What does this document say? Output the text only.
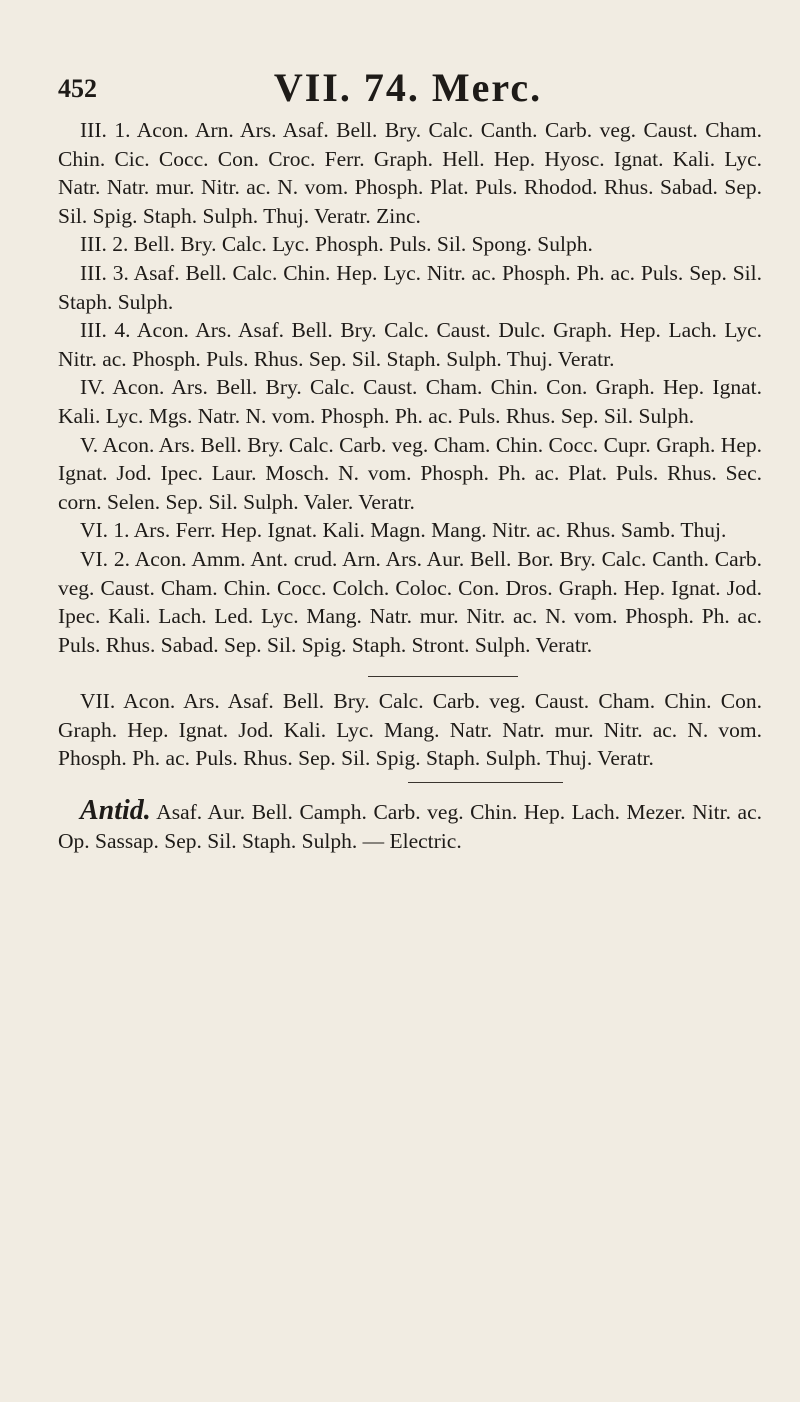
452	VII. 74. Merc.

III. 1. Acon. Arn. Ars. Asaf. Bell. Bry. Calc. Canth. Carb. veg. Caust. Cham. Chin. Cic. Cocc. Con. Croc. Ferr. Graph. Hell. Hep. Hyosc. Ignat. Kali. Lyc. Natr. Natr. mur. Nitr. ac. N. vom. Phosph. Plat. Puls. Rhodod. Rhus. Sabad. Sep. Sil. Spig. Staph. Sulph. Thuj. Veratr. Zinc.

III. 2. Bell. Bry. Calc. Lyc. Phosph. Puls. Sil. Spong. Sulph.

III. 3. Asaf. Bell. Calc. Chin. Hep. Lyc. Nitr. ac. Phosph. Ph. ac. Puls. Sep. Sil. Staph. Sulph.

III. 4. Acon. Ars. Asaf. Bell. Bry. Calc. Caust. Dulc. Graph. Hep. Lach. Lyc. Nitr. ac. Phosph. Puls. Rhus. Sep. Sil. Staph. Sulph. Thuj. Veratr.

IV. Acon. Ars. Bell. Bry. Calc. Caust. Cham. Chin. Con. Graph. Hep. Ignat. Kali. Lyc. Mgs. Natr. N. vom. Phosph. Ph. ac. Puls. Rhus. Sep. Sil. Sulph.

V. Acon. Ars. Bell. Bry. Calc. Carb. veg. Cham. Chin. Cocc. Cupr. Graph. Hep. Ignat. Jod. Ipec. Laur. Mosch. N. vom. Phosph. Ph. ac. Plat. Puls. Rhus. Sec. corn. Selen. Sep. Sil. Sulph. Valer. Veratr.

VI. 1. Ars. Ferr. Hep. Ignat. Kali. Magn. Mang. Nitr. ac. Rhus. Samb. Thuj.

VI. 2. Acon. Amm. Ant. crud. Arn. Ars. Aur. Bell. Bor. Bry. Calc. Canth. Carb. veg. Caust. Cham. Chin. Cocc. Colch. Coloc. Con. Dros. Graph. Hep. Ignat. Jod. Ipec. Kali. Lach. Led. Lyc. Mang. Natr. mur. Nitr. ac. N. vom. Phosph. Ph. ac. Puls. Rhus. Sabad. Sep. Sil. Spig. Staph. Stront. Sulph. Veratr.

VII. Acon. Ars. Asaf. Bell. Bry. Calc. Carb. veg. Caust. Cham. Chin. Con. Graph. Hep. Ignat. Jod. Kali. Lyc. Mang. Natr. Natr. mur. Nitr. ac. N. vom. Phosph. Ph. ac. Puls. Rhus. Sep. Sil. Spig. Staph. Sulph. Thuj. Veratr.

Antid. Asaf. Aur. Bell. Camph. Carb. veg. Chin. Hep. Lach. Mezer. Nitr. ac. Op. Sassap. Sep. Sil. Staph. Sulph. — Electric.
